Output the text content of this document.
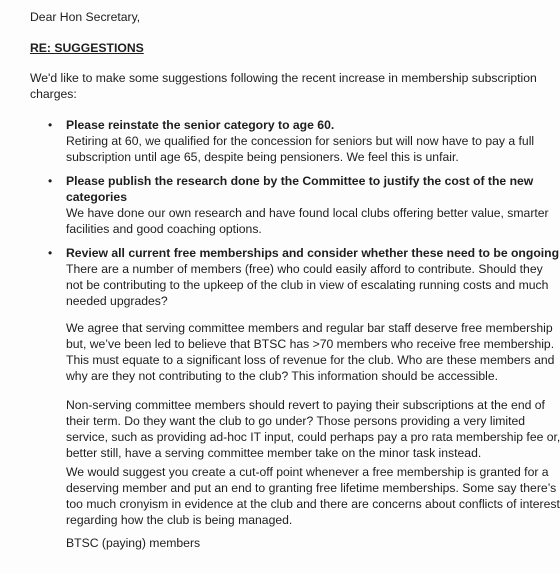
Dear Hon Secretary,

RE: SUGGESTIONS

We'd like to make some suggestions following the recent increase in membership subscription
charges:
• Please reinstate the senior category to age 60.
Retiring at 60, we qualified for the concession for seniors but will now have to pay a full
subscription until age 65, despite being pensioners. We feel this is unfair.
• Please publish the research done by the Committee to justify the cost of the new
categories
We have done our own research and have found local clubs offering better value, smarter
facilities and good coaching options.
• Review all current free memberships and consider whether these need to be ongoing
There are a number of members (free) who could easily afford to contribute. Should they
not be contributing to the upkeep of the club in view of escalating running costs and much
needed upgrades?
We agree that serving committee members and regular bar staff deserve free membership
but, we’ve been led to believe that BTSC has >70 members who receive free membership.
This must equate to a significant loss of revenue for the club. Who are these members and
why are they not contributing to the club? This information should be accessible.
Non-serving committee members should revert to paying their subscriptions at the end of
their term. Do they want the club to go under? Those persons providing a very limited
service, such as providing ad-hoc IT input, could perhaps pay a pro rata membership fee or,
better still, have a serving committee member take on the minor task instead.
We would suggest you create a cut-off point whenever a free membership is granted for a
deserving member and put an end to granting free lifetime memberships. Some say there’s
too much cronyism in evidence at the club and there are concerns about conflicts of interest
regarding how the club is being managed.

BTSC (paying) members
